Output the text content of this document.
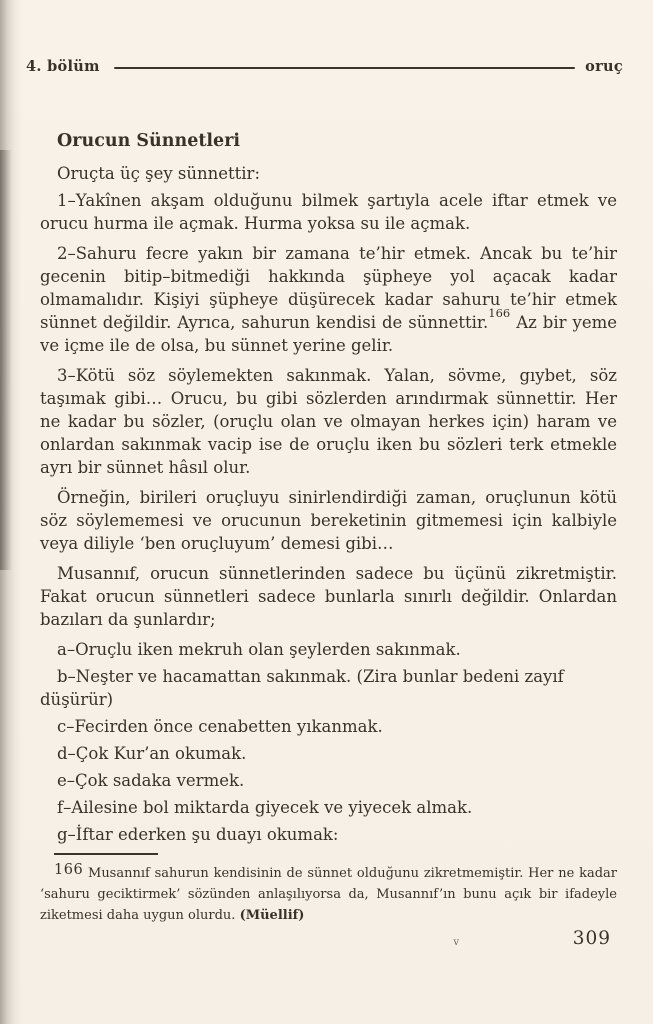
4. bölüm	oruç
Orucun Sünnetleri

Oruçta üç şey sünnettir:

1–Yakînen akşam olduğunu bilmek şartıyla acele iftar etmek ve orucu hurma ile açmak. Hurma yoksa su ile açmak.

2–Sahuru fecre yakın bir zamana te’hir etmek. Ancak bu te’hir gecenin bitip–bitmediği hakkında şüpheye yol açacak kadar olmamalıdır. Kişiyi şüpheye düşürecek kadar sahuru te’hir etmek sünnet değildir. Ayrıca, sahurun kendisi de sünnettir.$^{166}$ Az bir yeme ve içme ile de olsa, bu sünnet yerine gelir.

3–Kötü söz söylemekten sakınmak. Yalan, sövme, gıybet, söz taşımak gibi… Orucu, bu gibi sözlerden arındırmak sünnettir. Her ne kadar bu sözler, (oruçlu olan ve olmayan herkes için) haram ve onlardan sakınmak vacip ise de oruçlu iken bu sözleri terk etmekle ayrı bir sünnet hâsıl olur.

Örneğin, birileri oruçluyu sinirlendirdiği zaman, oruçlunun kötü söz söylememesi ve orucunun bereketinin gitmemesi için kalbiyle veya diliyle ‘ben oruçluyum’ demesi gibi…

Musannıf, orucun sünnetlerinden sadece bu üçünü zikretmiştir. Fakat orucun sünnetleri sadece bunlarla sınırlı değildir. Onlardan bazıları da şunlardır;

a–Oruçlu iken mekruh olan şeylerden sakınmak.

b–Neşter ve hacamattan sakınmak. (Zira bunlar bedeni zayıf düşürür)

c–Fecirden önce cenabetten yıkanmak.

d–Çok Kur’an okumak.

e–Çok sadaka vermek.

f–Ailesine bol miktarda giyecek ve yiyecek almak.

g–İftar ederken şu duayı okumak:

166 Musannıf sahurun kendisinin de sünnet olduğunu zikretmemiştir. Her ne kadar ‘sahuru geciktirmek’ sözünden anlaşılıyorsa da, Musannıf’ın bunu açık bir ifadeyle ziketmesi daha uygun olurdu. (Müellif)

v	309
